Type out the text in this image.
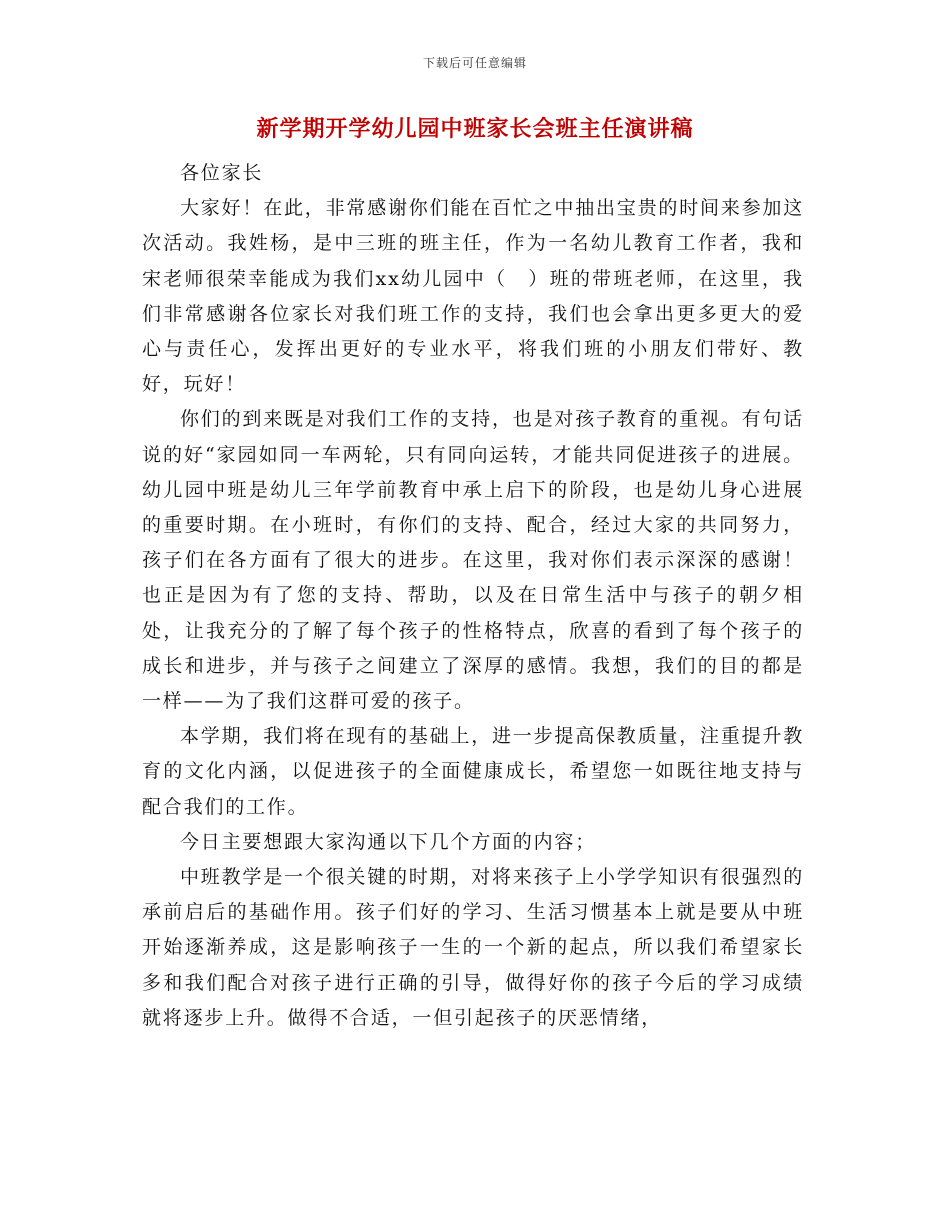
下载后可任意编辑
新学期开学幼儿园中班家长会班主任演讲稿

各位家长

大家好！在此，非常感谢你们能在百忙之中抽出宝贵的时间来参加这次活动。我姓杨，是中三班的班主任，作为一名幼儿教育工作者，我和宋老师很荣幸能成为我们xx幼儿园中（　）班的带班老师，在这里，我们非常感谢各位家长对我们班工作的支持，我们也会拿出更多更大的爱心与责任心，发挥出更好的专业水平，将我们班的小朋友们带好、教好，玩好！

你们的到来既是对我们工作的支持，也是对孩子教育的重视。有句话说的好“家园如同一车两轮，只有同向运转，才能共同促进孩子的进展。幼儿园中班是幼儿三年学前教育中承上启下的阶段，也是幼儿身心进展的重要时期。在小班时，有你们的支持、配合，经过大家的共同努力，孩子们在各方面有了很大的进步。在这里，我对你们表示深深的感谢！也正是因为有了您的支持、帮助，以及在日常生活中与孩子的朝夕相处，让我充分的了解了每个孩子的性格特点，欣喜的看到了每个孩子的成长和进步，并与孩子之间建立了深厚的感情。我想，我们的目的都是一样——为了我们这群可爱的孩子。

本学期，我们将在现有的基础上，进一步提高保教质量，注重提升教育的文化内涵，以促进孩子的全面健康成长，希望您一如既往地支持与配合我们的工作。

今日主要想跟大家沟通以下几个方面的内容；

中班教学是一个很关键的时期，对将来孩子上小学学知识有很强烈的承前启后的基础作用。孩子们好的学习、生活习惯基本上就是要从中班开始逐渐养成，这是影响孩子一生的一个新的起点，所以我们希望家长多和我们配合对孩子进行正确的引导，做得好你的孩子今后的学习成绩就将逐步上升。做得不合适，一但引起孩子的厌恶情绪，
